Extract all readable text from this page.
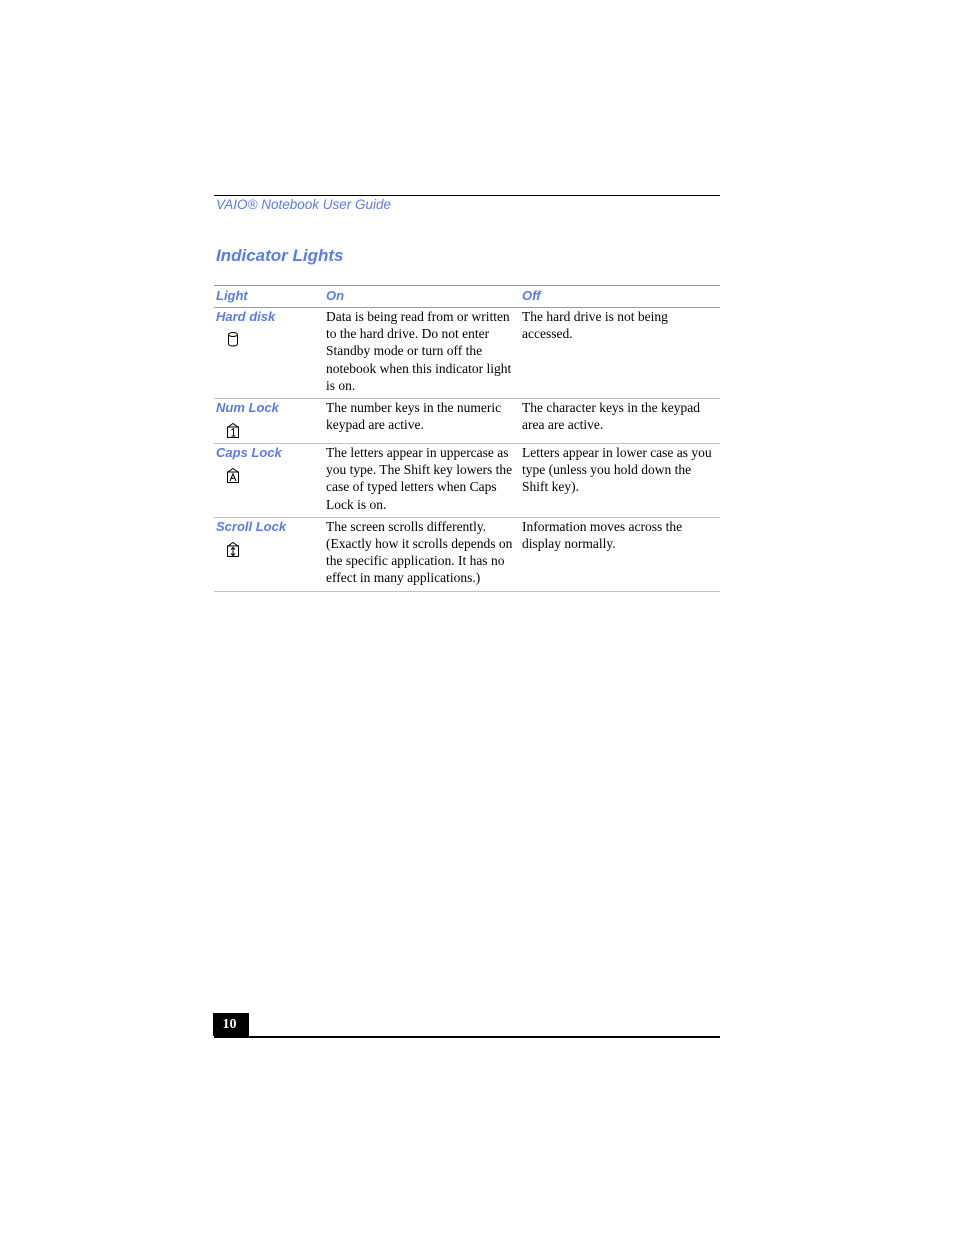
VAIO® Notebook User Guide
Indicator Lights
Light	On	Off

Hard disk	Data is being read from or written to the hard drive. Do not enter Standby mode or turn off the notebook when this indicator light is on.	The hard drive is not being accessed.

Num Lock	The number keys in the numeric keypad are active.	The character keys in the keypad area are active.

Caps Lock	The letters appear in uppercase as you type. The Shift key lowers the case of typed letters when Caps Lock is on.	Letters appear in lower case as you type (unless you hold down the Shift key).

Scroll Lock	The screen scrolls differently. (Exactly how it scrolls depends on the specific application. It has no effect in many applications.)	Information moves across the display normally.
10
